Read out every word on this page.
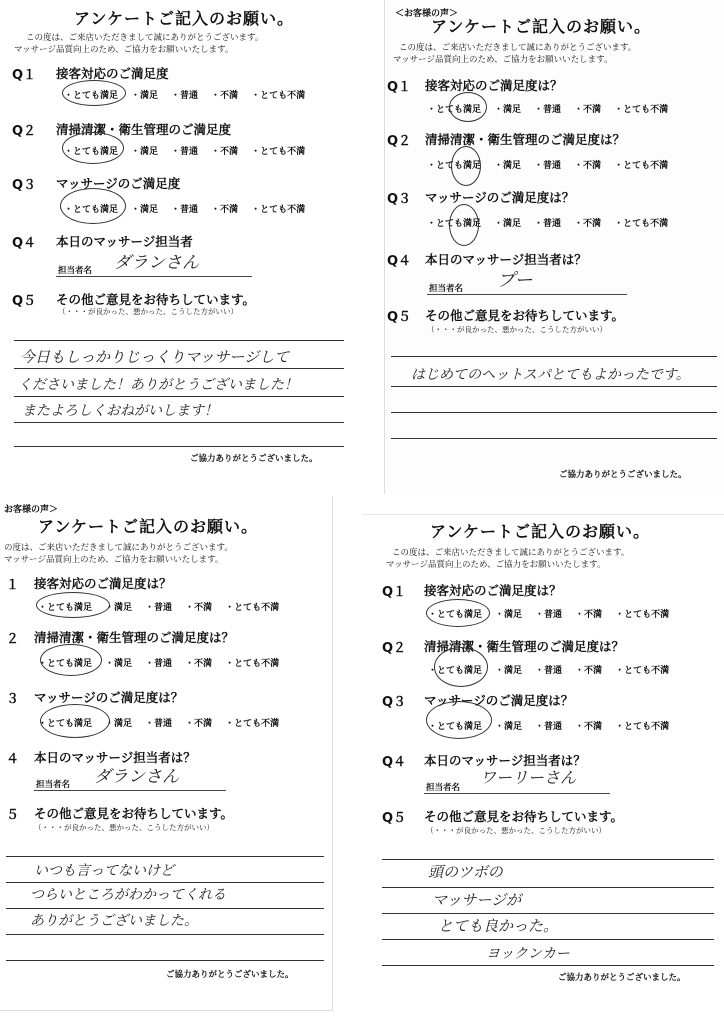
アンケートご記入のお願い。
この度は、ご来店いただきまして誠にありがとうございます。
マッサージ品質向上のため、ご協力をお願いいたします。
Q１ 接客対応のご満足度
・とても満足 ・満足 ・普通 ・不満 ・とても不満
Q２ 清掃清潔・衛生管理のご満足度
・とても満足 ・満足 ・普通 ・不満 ・とても不満
Q３ マッサージのご満足度
・とても満足 ・満足 ・普通 ・不満 ・とても不満
Q４ 本日のマッサージ担当者
担当者名 ダランさん
Q５ その他ご意見をお待ちしています。
（・・・が良かった、悪かった、こうした方がいい）
今日もしっかりじっくりマッサージして
くださいました！ありがとうございました！
またよろしくおねがいします！
ご協力ありがとうございました。
＜お客様の声＞
アンケートご記入のお願い。
この度は、ご来店いただきまして誠にありがとうございます。
マッサージ品質向上のため、ご協力をお願いいたします。
Q１ 接客対応のご満足度は？
・とても満足 ・満足 ・普通 ・不満 ・とても不満
Q２ 清掃清潔・衛生管理のご満足度は？
・とても満足 ・満足 ・普通 ・不満 ・とても不満
Q３ マッサージのご満足度は？
・とても満足 ・満足 ・普通 ・不満 ・とても不満
Q４ 本日のマッサージ担当者は？
担当者名 プー
Q５ その他ご意見をお待ちしています。
（・・・が良かった、悪かった、こうした方がいい）
はじめてのヘットスパとてもよかったです。
ご協力ありがとうございました。
お客様の声＞
アンケートご記入のお願い。
の度は、ご来店いただきまして誠にありがとうございます。
マッサージ品質向上のため、ご協力をお願いいたします。
１ 接客対応のご満足度は？
・とても満足 ・満足 ・普通 ・不満 ・とても不満
２ 清掃清潔・衛生管理のご満足度は？
・とても満足 ・満足 ・普通 ・不満 ・とても不満
３ マッサージのご満足度は？
・とても満足 ・満足 ・普通 ・不満 ・とても不満
４ 本日のマッサージ担当者は？
担当者名 ダランさん
５ その他ご意見をお待ちしています。
（・・・が良かった、悪かった、こうした方がいい）
いつも言ってないけど
つらいところがわかってくれる
ありがとうございました。
ご協力ありがとうございました。
アンケートご記入のお願い。
この度は、ご来店いただきまして誠にありがとうございます。
マッサージ品質向上のため、ご協力をお願いいたします。
Q１ 接客対応のご満足度は？
・とても満足 ・満足 ・普通 ・不満 ・とても不満
Q２ 清掃清潔・衛生管理のご満足度は？
・とても満足 ・満足 ・普通 ・不満 ・とても不満
Q３ マッサージのご満足度は？
・とても満足 ・満足 ・普通 ・不満 ・とても不満
Q４ 本日のマッサージ担当者は？
担当者名
ワーリーさん
Q５ その他ご意見をお待ちしています。
（・・・が良かった、悪かった、こうした方がいい）
頭のツボの
マッサージが
とても良かった。
ヨックンカー
ご協力ありがとうございました。
